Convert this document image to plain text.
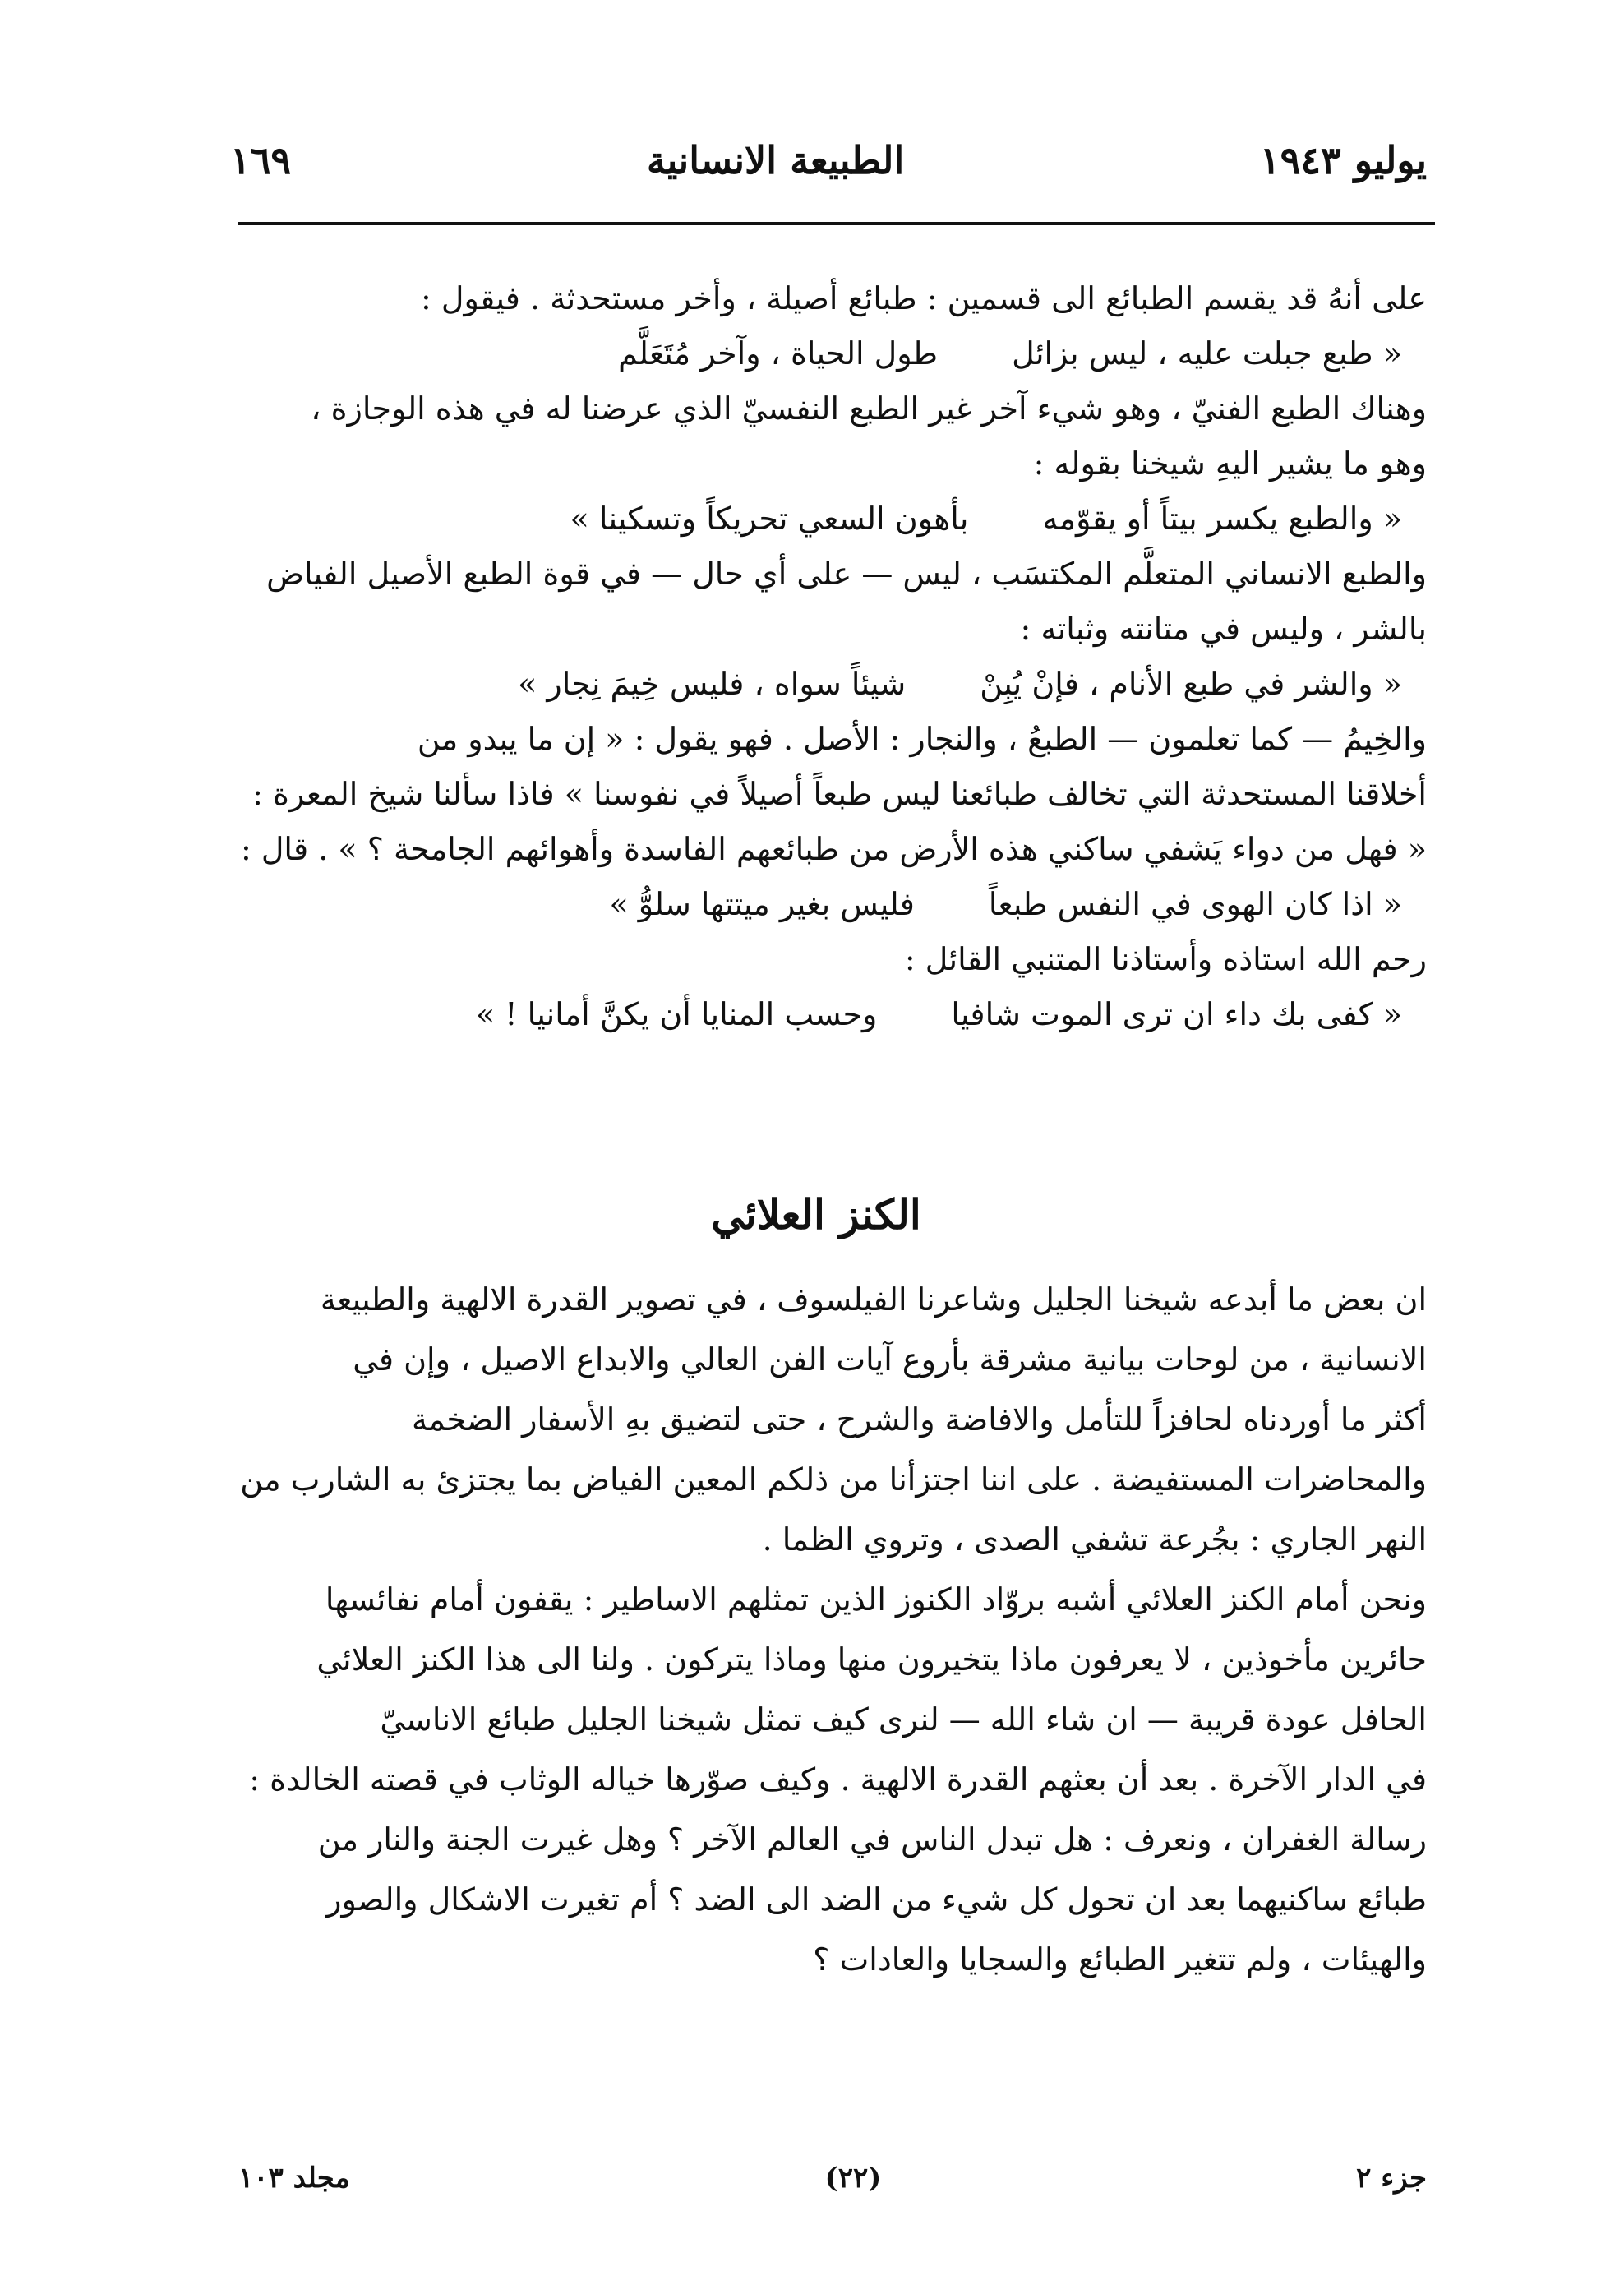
يوليو ١٩٤٣
الطبيعة الانسانية
١٦٩
على أنهُ قد يقسم الطبائع الى قسمين : طبائع أصيلة ، وأخر مستحدثة . فيقول :
« طبع جبلت عليه ، ليس بزائل
طول الحياة ، وآخر مُتَعَلَّم
وهناك الطبع الفنيّ ، وهو شيء آخر غير الطبع النفسيّ الذي عرضنا له في هذه الوجازة ،
وهو ما يشير اليهِ شيخنا بقوله :
« والطبع يكسر بيتاً أو يقوّمه
بأهون السعي تحريكاً وتسكينا »
والطبع الانساني المتعلَّم المكتسَب ، ليس — على أي حال — في قوة الطبع الأصيل الفياض
بالشر ، وليس في متانته وثباته :
« والشر في طبع الأنام ، فإنْ يُبِنْ
شيئاً سواه ، فليس خِيمَ نِجار »
والخِيمُ — كما تعلمون — الطبعُ ، والنجار : الأصل . فهو يقول : « إن ما يبدو من
أخلاقنا المستحدثة التي تخالف طبائعنا ليس طبعاً أصيلاً في نفوسنا » فاذا سألنا شيخ المعرة :
« فهل من دواء يَشفي ساكني هذه الأرض من طبائعهم الفاسدة وأهوائهم الجامحة ؟ » . قال :
« اذا كان الهوى في النفس طبعاً
فليس بغير ميتتها سلوُّ »
رحم الله استاذه وأستاذنا المتنبي القائل :
« كفى بك داء ان ترى الموت شافيا
وحسب المنايا أن يكنَّ أمانيا ! »
الكنز العلائي
ان بعض ما أبدعه شيخنا الجليل وشاعرنا الفيلسوف ، في تصوير القدرة الالهية والطبيعة
الانسانية ، من لوحات بيانية مشرقة بأروع آيات الفن العالي والابداع الاصيل ، وإن في
أكثر ما أوردناه لحافزاً للتأمل والافاضة والشرح ، حتى لتضيق بهِ الأسفار الضخمة
والمحاضرات المستفيضة . على اننا اجتزأنا من ذلكم المعين الفياض بما يجتزئ به الشارب من
النهر الجاري : بجُرعة تشفي الصدى ، وتروي الظما .
ونحن أمام الكنز العلائي أشبه بروّاد الكنوز الذين تمثلهم الاساطير : يقفون أمام نفائسها
حائرين مأخوذين ، لا يعرفون ماذا يتخيرون منها وماذا يتركون . ولنا الى هذا الكنز العلائي
الحافل عودة قريبة — ان شاء الله — لنرى كيف تمثل شيخنا الجليل طبائع الاناسيّ
في الدار الآخرة . بعد أن بعثهم القدرة الالهية . وكيف صوّرها خياله الوثاب في قصته الخالدة :
رسالة الغفران ، ونعرف : هل تبدل الناس في العالم الآخر ؟ وهل غيرت الجنة والنار من
طبائع ساكنيهما بعد ان تحول كل شيء من الضد الى الضد ؟ أم تغيرت الاشكال والصور
والهيئات ، ولم تتغير الطبائع والسجايا والعادات ؟
جزء ٢
(٢٢)
مجلد ١٠٣
